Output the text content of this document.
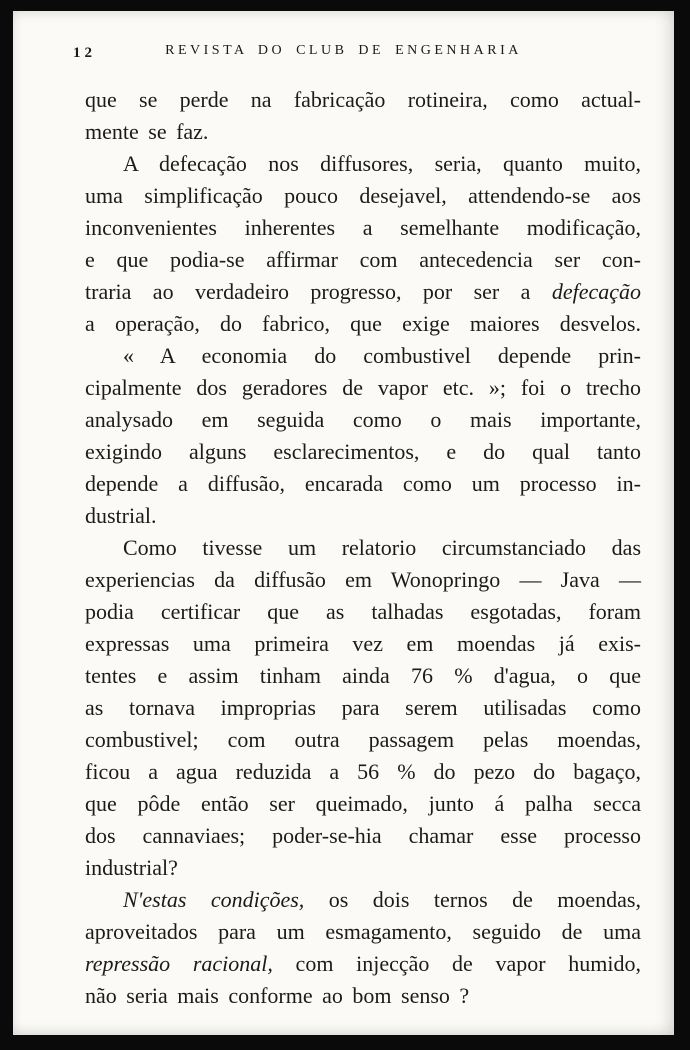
12	REVISTA DO CLUB DE ENGENHARIA
que se perde na fabricação rotineira, como actual-
mente se faz.
A defecação nos diffusores, seria, quanto muito,
uma simplificação pouco desejavel, attendendo-se aos
inconvenientes inherentes a semelhante modificação,
e que podia-se affirmar com antecedencia ser con-
traria ao verdadeiro progresso, por ser a defecação
a operação, do fabrico, que exige maiores desvelos.
« A economia do combustivel depende prin-
cipalmente dos geradores de vapor etc. »; foi o trecho
analysado em seguida como o mais importante,
exigindo alguns esclarecimentos, e do qual tanto
depende a diffusão, encarada como um processo in-
dustrial.
Como tivesse um relatorio circumstanciado das
experiencias da diffusão em Wonopringo — Java —
podia certificar que as talhadas esgotadas, foram
expressas uma primeira vez em moendas já exis-
tentes e assim tinham ainda 76 % d'agua, o que
as tornava improprias para serem utilisadas como
combustivel; com outra passagem pelas moendas,
ficou a agua reduzida a 56 % do pezo do bagaço,
que pôde então ser queimado, junto á palha secca
dos cannaviaes; poder-se-hia chamar esse processo
industrial?
N'estas condições, os dois ternos de moendas,
aproveitados para um esmagamento, seguido de uma
repressão racional, com injecção de vapor humido,
não seria mais conforme ao bom senso ?
